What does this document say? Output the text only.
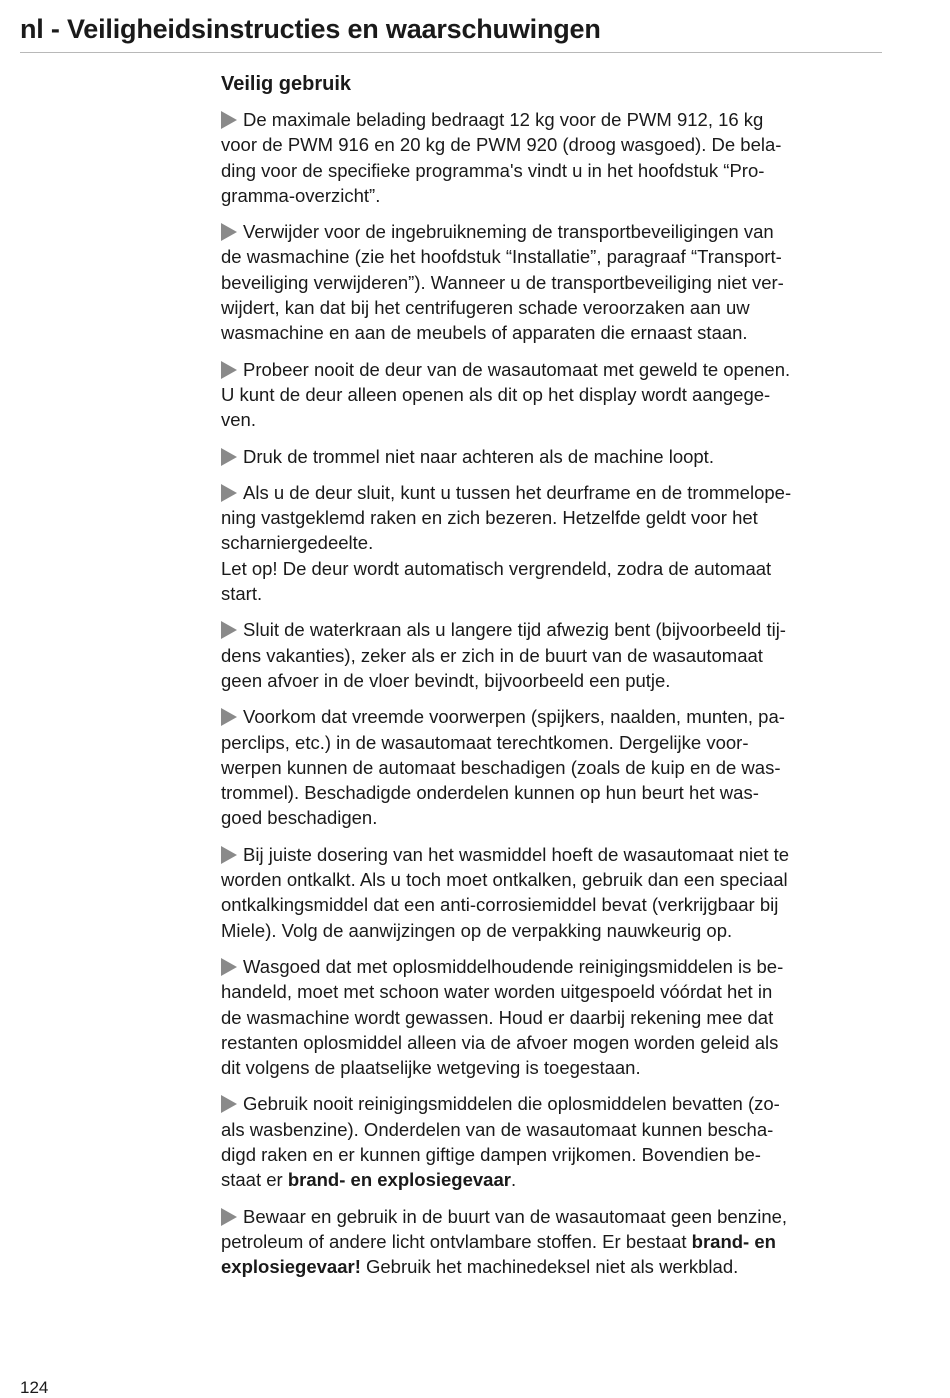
nl - Veiligheidsinstructies en waarschuwingen
Veilig gebruik
De maximale belading bedraagt 12 kg voor de PWM 912, 16 kg
voor de PWM 916 en 20 kg de PWM 920 (droog wasgoed). De bela-
ding voor de specifieke programma's vindt u in het hoofdstuk “Pro-
gramma-overzicht”.
Verwijder voor de ingebruikneming de transportbeveiligingen van
de wasmachine (zie het hoofdstuk “Installatie”, paragraaf “Transport-
beveiliging verwijderen”). Wanneer u de transportbeveiliging niet ver-
wijdert, kan dat bij het centrifugeren schade veroorzaken aan uw
wasmachine en aan de meubels of apparaten die ernaast staan.
Probeer nooit de deur van de wasautomaat met geweld te openen.
U kunt de deur alleen openen als dit op het display wordt aangege-
ven.
Druk de trommel niet naar achteren als de machine loopt.
Als u de deur sluit, kunt u tussen het deurframe en de trommelope-
ning vastgeklemd raken en zich bezeren. Hetzelfde geldt voor het
scharniergedeelte.
Let op! De deur wordt automatisch vergrendeld, zodra de automaat
start.
Sluit de waterkraan als u langere tijd afwezig bent (bijvoorbeeld tij-
dens vakanties), zeker als er zich in de buurt van de wasautomaat
geen afvoer in de vloer bevindt, bijvoorbeeld een putje.
Voorkom dat vreemde voorwerpen (spijkers, naalden, munten, pa-
perclips, etc.) in de wasautomaat terechtkomen. Dergelijke voor-
werpen kunnen de automaat beschadigen (zoals de kuip en de was-
trommel). Beschadigde onderdelen kunnen op hun beurt het was-
goed beschadigen.
Bij juiste dosering van het wasmiddel hoeft de wasautomaat niet te
worden ontkalkt. Als u toch moet ontkalken, gebruik dan een speciaal
ontkalkingsmiddel dat een anti-corrosiemiddel bevat (verkrijgbaar bij
Miele). Volg de aanwijzingen op de verpakking nauwkeurig op.
Wasgoed dat met oplosmiddelhoudende reinigingsmiddelen is be-
handeld, moet met schoon water worden uitgespoeld vóórdat het in
de wasmachine wordt gewassen. Houd er daarbij rekening mee dat
restanten oplosmiddel alleen via de afvoer mogen worden geleid als
dit volgens de plaatselijke wetgeving is toegestaan.
Gebruik nooit reinigingsmiddelen die oplosmiddelen bevatten (zo-
als wasbenzine). Onderdelen van de wasautomaat kunnen bescha-
digd raken en er kunnen giftige dampen vrijkomen. Bovendien be-
staat er brand- en explosiegevaar.
Bewaar en gebruik in de buurt van de wasautomaat geen benzine,
petroleum of andere licht ontvlambare stoffen. Er bestaat brand- en
explosiegevaar! Gebruik het machinedeksel niet als werkblad.
124
